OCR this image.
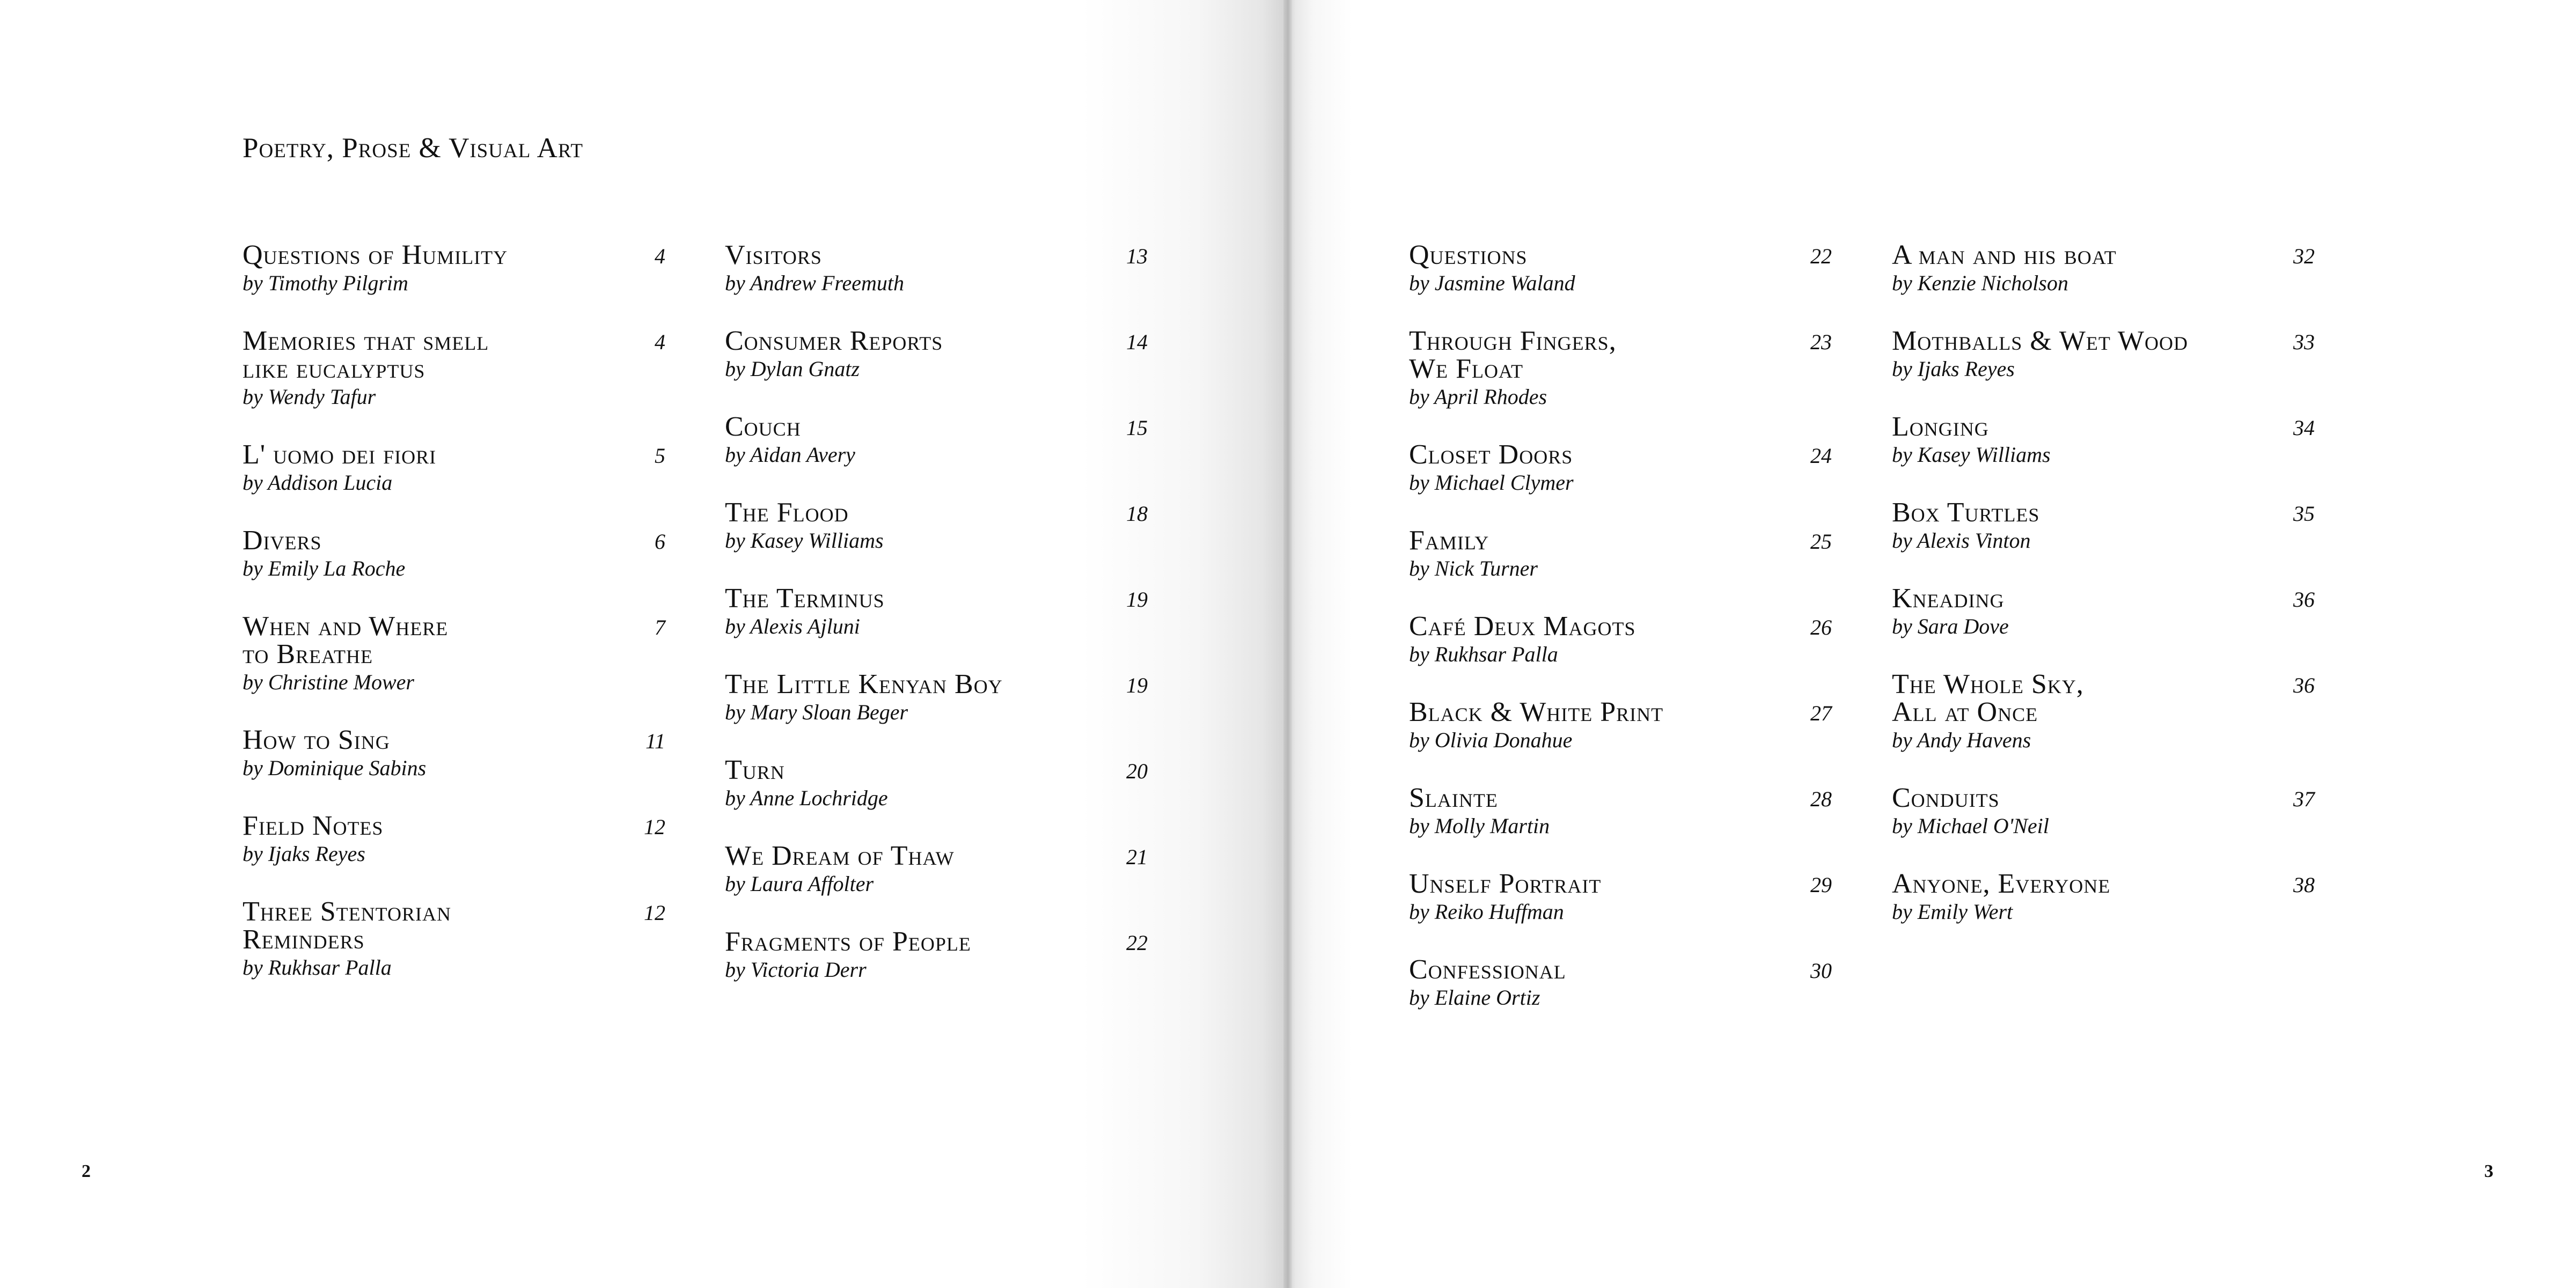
Poetry, Prose & Visual Art
Questions of Humility
by Timothy Pilgrim
4
Memories that smell
like eucalyptus
by Wendy Tafur
4
L' uomo dei fiori
by Addison Lucia
5
Divers
by Emily La Roche
6
When and Where
to Breathe
by Christine Mower
7
How to Sing
by Dominique Sabins
11
Field Notes
by Ijaks Reyes
12
Three Stentorian
Reminders
by Rukhsar Palla
12
Visitors
by Andrew Freemuth
13
Consumer Reports
by Dylan Gnatz
14
Couch
by Aidan Avery
15
The Flood
by Kasey Williams
18
The Terminus
by Alexis Ajluni
19
The Little Kenyan Boy
by Mary Sloan Beger
19
Turn
by Anne Lochridge
20
We Dream of Thaw
by Laura Affolter
21
Fragments of People
by Victoria Derr
22
2
Questions
by Jasmine Waland
22
Through Fingers,
We Float
by April Rhodes
23
Closet Doors
by Michael Clymer
24
Family
by Nick Turner
25
Café Deux Magots
by Rukhsar Palla
26
Black & White Print
by Olivia Donahue
27
Slainte
by Molly Martin
28
Unself Portrait
by Reiko Huffman
29
Confessional
by Elaine Ortiz
30
A man and his boat
by Kenzie Nicholson
32
Mothballs & Wet Wood
by Ijaks Reyes
33
Longing
by Kasey Williams
34
Box Turtles
by Alexis Vinton
35
Kneading
by Sara Dove
36
The Whole Sky,
All at Once
by Andy Havens
36
Conduits
by Michael O'Neil
37
Anyone, Everyone
by Emily Wert
38
3
